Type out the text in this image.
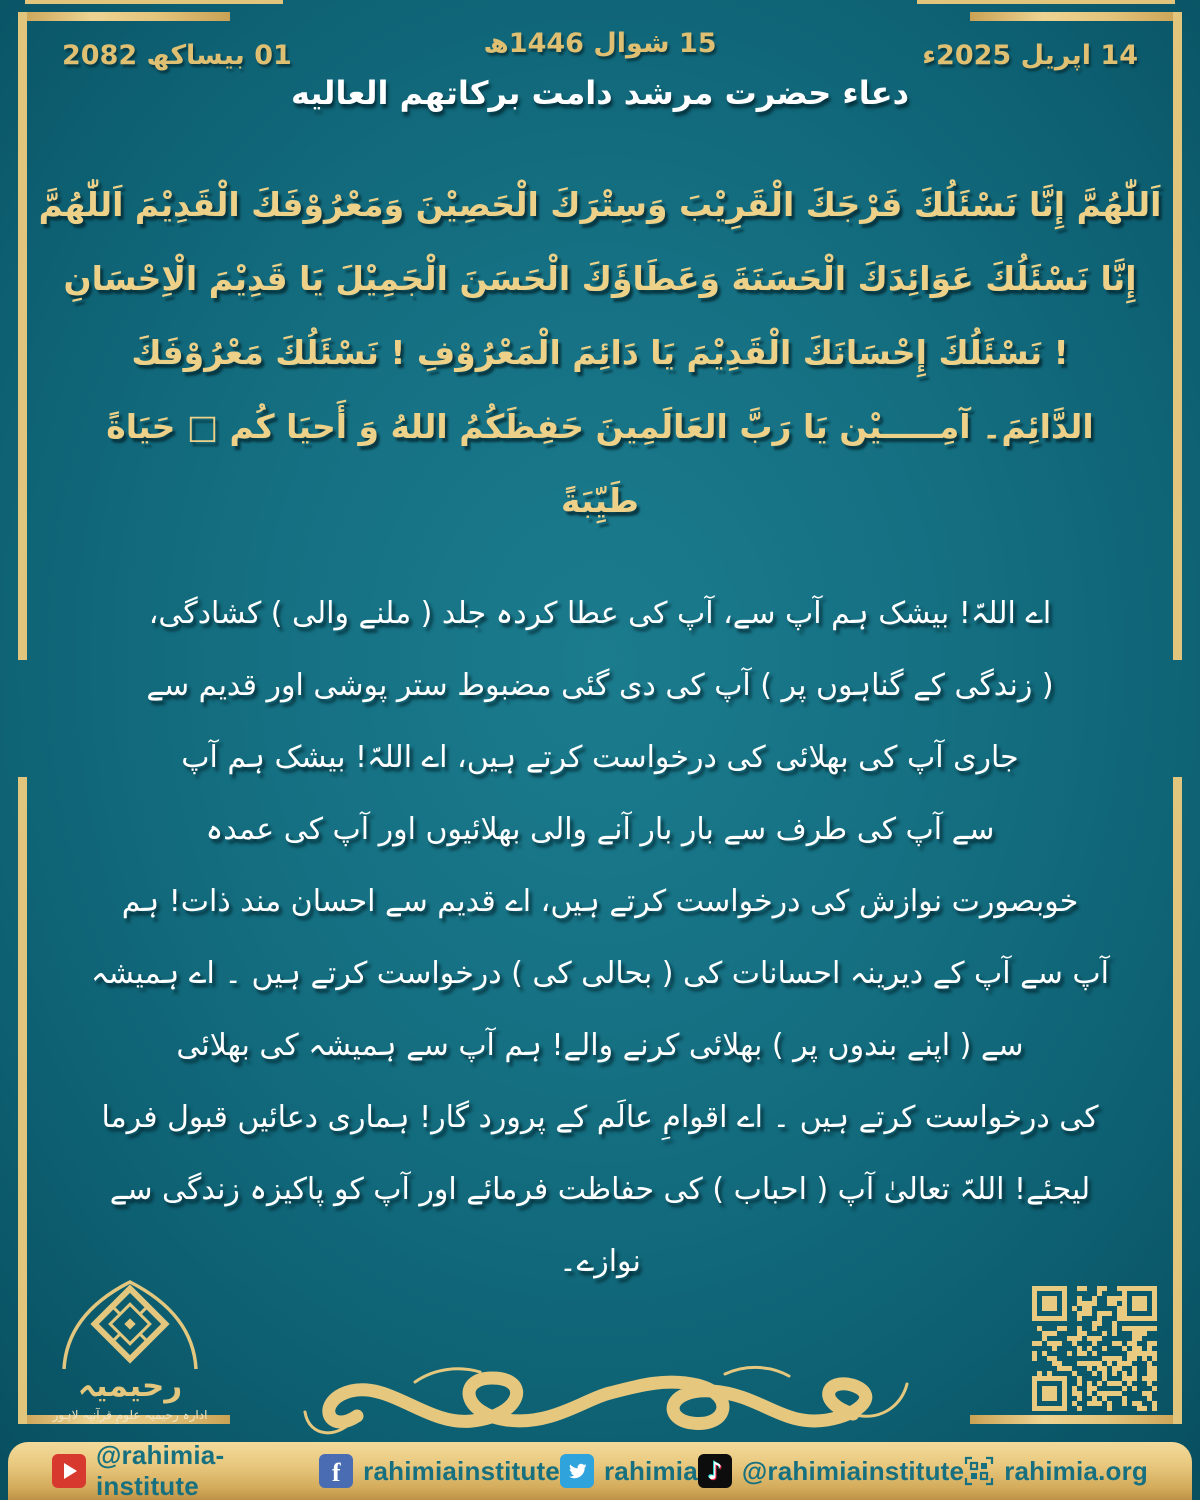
01 بیساکھ 2082	15 شوال 1446ھ	14 اپریل 2025ء
دعاء حضرت مرشد دامت برکاتهم العالیه
اَللّٰهُمَّ إِنَّا نَسْئَلُكَ فَرْجَكَ الْقَرِيْبَ وَسِتْرَكَ الْحَصِيْنَ وَمَعْرُوْفَكَ الْقَدِيْمَ اَللّٰهُمَّ
إِنَّا نَسْئَلُكَ عَوَائِدَكَ الْحَسَنَةَ وَعَطَاؤَكَ الْحَسَنَ الْجَمِيْلَ يَا قَدِيْمَ الْاِحْسَانِ
! نَسْئَلُكَ إِحْسَانَكَ الْقَدِيْمَ يَا دَائِمَ الْمَعْرُوْفِ ! نَسْئَلُكَ مَعْرُوْفَكَ
الدَّائِمَ۔ آمِـــــيْن يَا رَبَّ العَالَمِينَ حَفِظَكُمُ اللهُ وَ أَحيَا كُم □ حَيَاةً
طَيِّبَةً
اے اللہّ! بیشک ہم آپ سے، آپ کی عطا کردہ جلد ( ملنے والی ) کشادگی،
( زندگی کے گناہوں پر ) آپ کی دی گئی مضبوط ستر پوشی اور قدیم سے
جاری آپ کی بھلائی کی درخواست کرتے ہیں، اے اللہّ! بیشک ہم آپ
سے آپ کی طرف سے بار بار آنے والی بھلائیوں اور آپ کی عمدہ
خوبصورت نوازش کی درخواست کرتے ہیں، اے قدیم سے احسان مند ذات! ہم
آپ سے آپ کے دیرینہ احسانات کی ( بحالی کی ) درخواست کرتے ہیں ۔ اے ہمیشہ
سے ( اپنے بندوں پر ) بھلائی کرنے والے! ہم آپ سے ہمیشہ کی بھلائی
کی درخواست کرتے ہیں ۔ اے اقوامِ عالَم کے پرورد گار! ہماری دعائیں قبول فرما
لیجئے! اللہّ تعالیٰ آپ ( احباب ) کی حفاظت فرمائے اور آپ کو پاکیزہ زندگی سے
نوازے۔
رحیمیہ
ادارہ رحیمیہ علومِ قرآنیہ لاہور
@rahimia-institute	f rahimiainstitute rahimia ♪ @rahimiainstitute rahimia.org
